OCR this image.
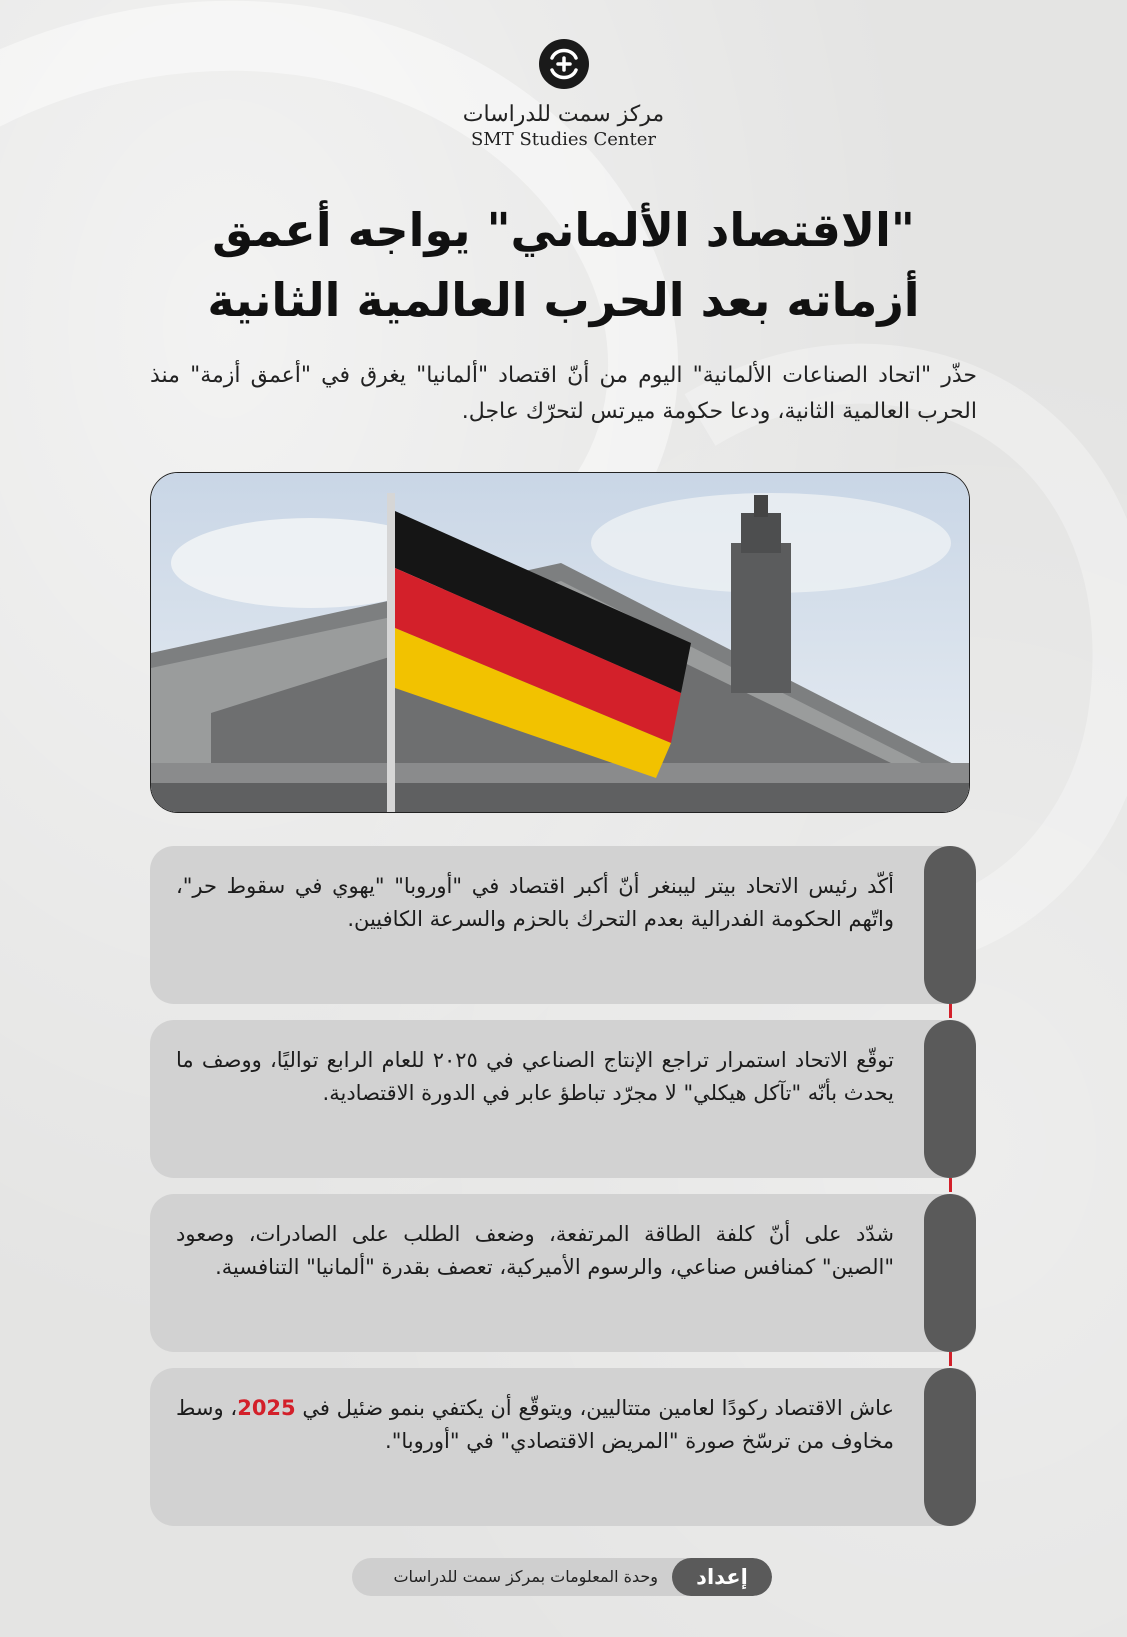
مركز سمت للدراسات
SMT Studies Center
"الاقتصاد الألماني" يواجه أعمق
أزماته بعد الحرب العالمية الثانية

حذّر "اتحاد الصناعات الألمانية" اليوم من أنّ اقتصاد "ألمانيا" يغرق في "أعمق أزمة" منذ الحرب العالمية الثانية، ودعا حكومة ميرتس لتحرّك عاجل.

أكّد رئيس الاتحاد بيتر ليبنغر أنّ أكبر اقتصاد في "أوروبا" "يهوي في سقوط حر"، واتّهم الحكومة الفدرالية بعدم التحرك بالحزم والسرعة الكافيين.
توقّع الاتحاد استمرار تراجع الإنتاج الصناعي في ٢٠٢٥ للعام الرابع تواليًا، ووصف ما يحدث بأنّه "تآكل هيكلي" لا مجرّد تباطؤ عابر في الدورة الاقتصادية.
شدّد على أنّ كلفة الطاقة المرتفعة، وضعف الطلب على الصادرات، وصعود "الصين" كمنافس صناعي، والرسوم الأميركية، تعصف بقدرة "ألمانيا" التنافسية.
عاش الاقتصاد ركودًا لعامين متتاليين، ويتوقّع أن يكتفي بنمو ضئيل في 2025، وسط مخاوف من ترسّخ صورة "المريض الاقتصادي" في "أوروبا".
إعداد
وحدة المعلومات بمركز سمت للدراسات
